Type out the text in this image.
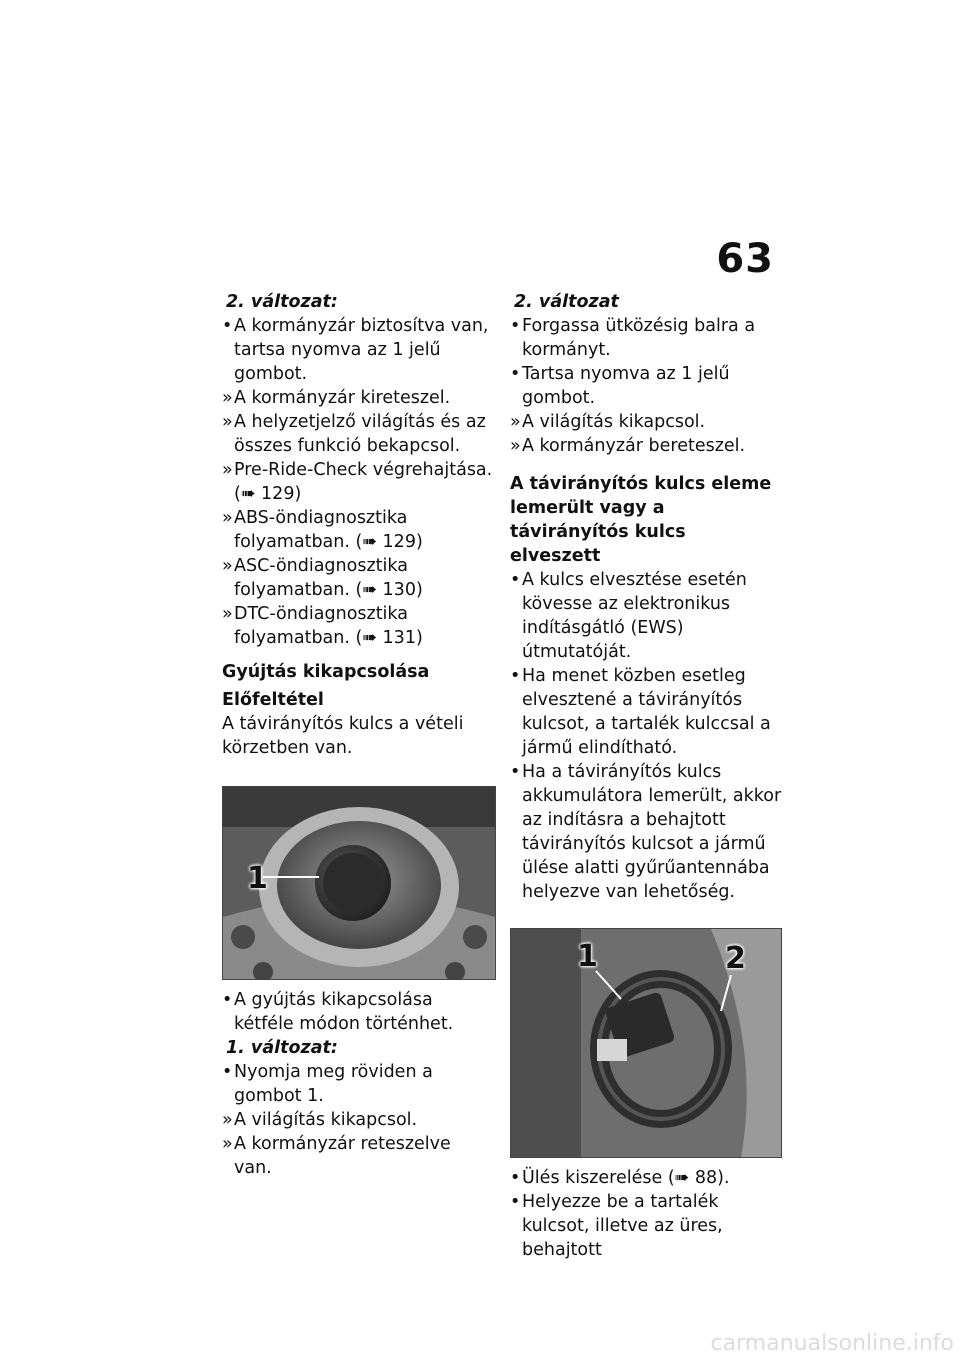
63
2. változat:
• A kormányzár biztosítva van, tartsa nyomva az 1 jelű gombot.
» A kormányzár kireteszel.
» A helyzetjelző világítás és az összes funkció bekapcsol.
» Pre-Ride-Check végrehajtása. (➠ 129)
» ABS-öndiagnosztika folyamatban. (➠ 129)
» ASC-öndiagnosztika folyamatban. (➠ 130)
» DTC-öndiagnosztika folyamatban. (➠ 131)
Gyújtás kikapcsolása
Előfeltétel
A távirányítós kulcs a vételi körzetben van.
1
• A gyújtás kikapcsolása kétféle módon történhet.
1. változat:
• Nyomja meg röviden a gombot 1.
» A világítás kikapcsol.
» A kormányzár reteszelve van.
2. változat
• Forgassa ütközésig balra a kormányt.
• Tartsa nyomva az 1 jelű gombot.
» A világítás kikapcsol.
» A kormányzár bereteszel.
A távirányítós kulcs eleme lemerült vagy a távirányítós kulcs elveszett
• A kulcs elvesztése esetén kövesse az elektronikus indításgátló (EWS) útmutatóját.
• Ha menet közben esetleg elvesztené a távirányítós kulcsot, a tartalék kulccsal a jármű elindítható.
• Ha a távirányítós kulcs akkumulátora lemerült, akkor az indításra a behajtott távirányítós kulcsot a jármű ülése alatti gyűrűantennába helyezve van lehetőség.
1	2
• Ülés kiszerelése (➠ 88).
• Helyezze be a tartalék kulcsot, illetve az üres, behajtott
carmanualsonline.info
